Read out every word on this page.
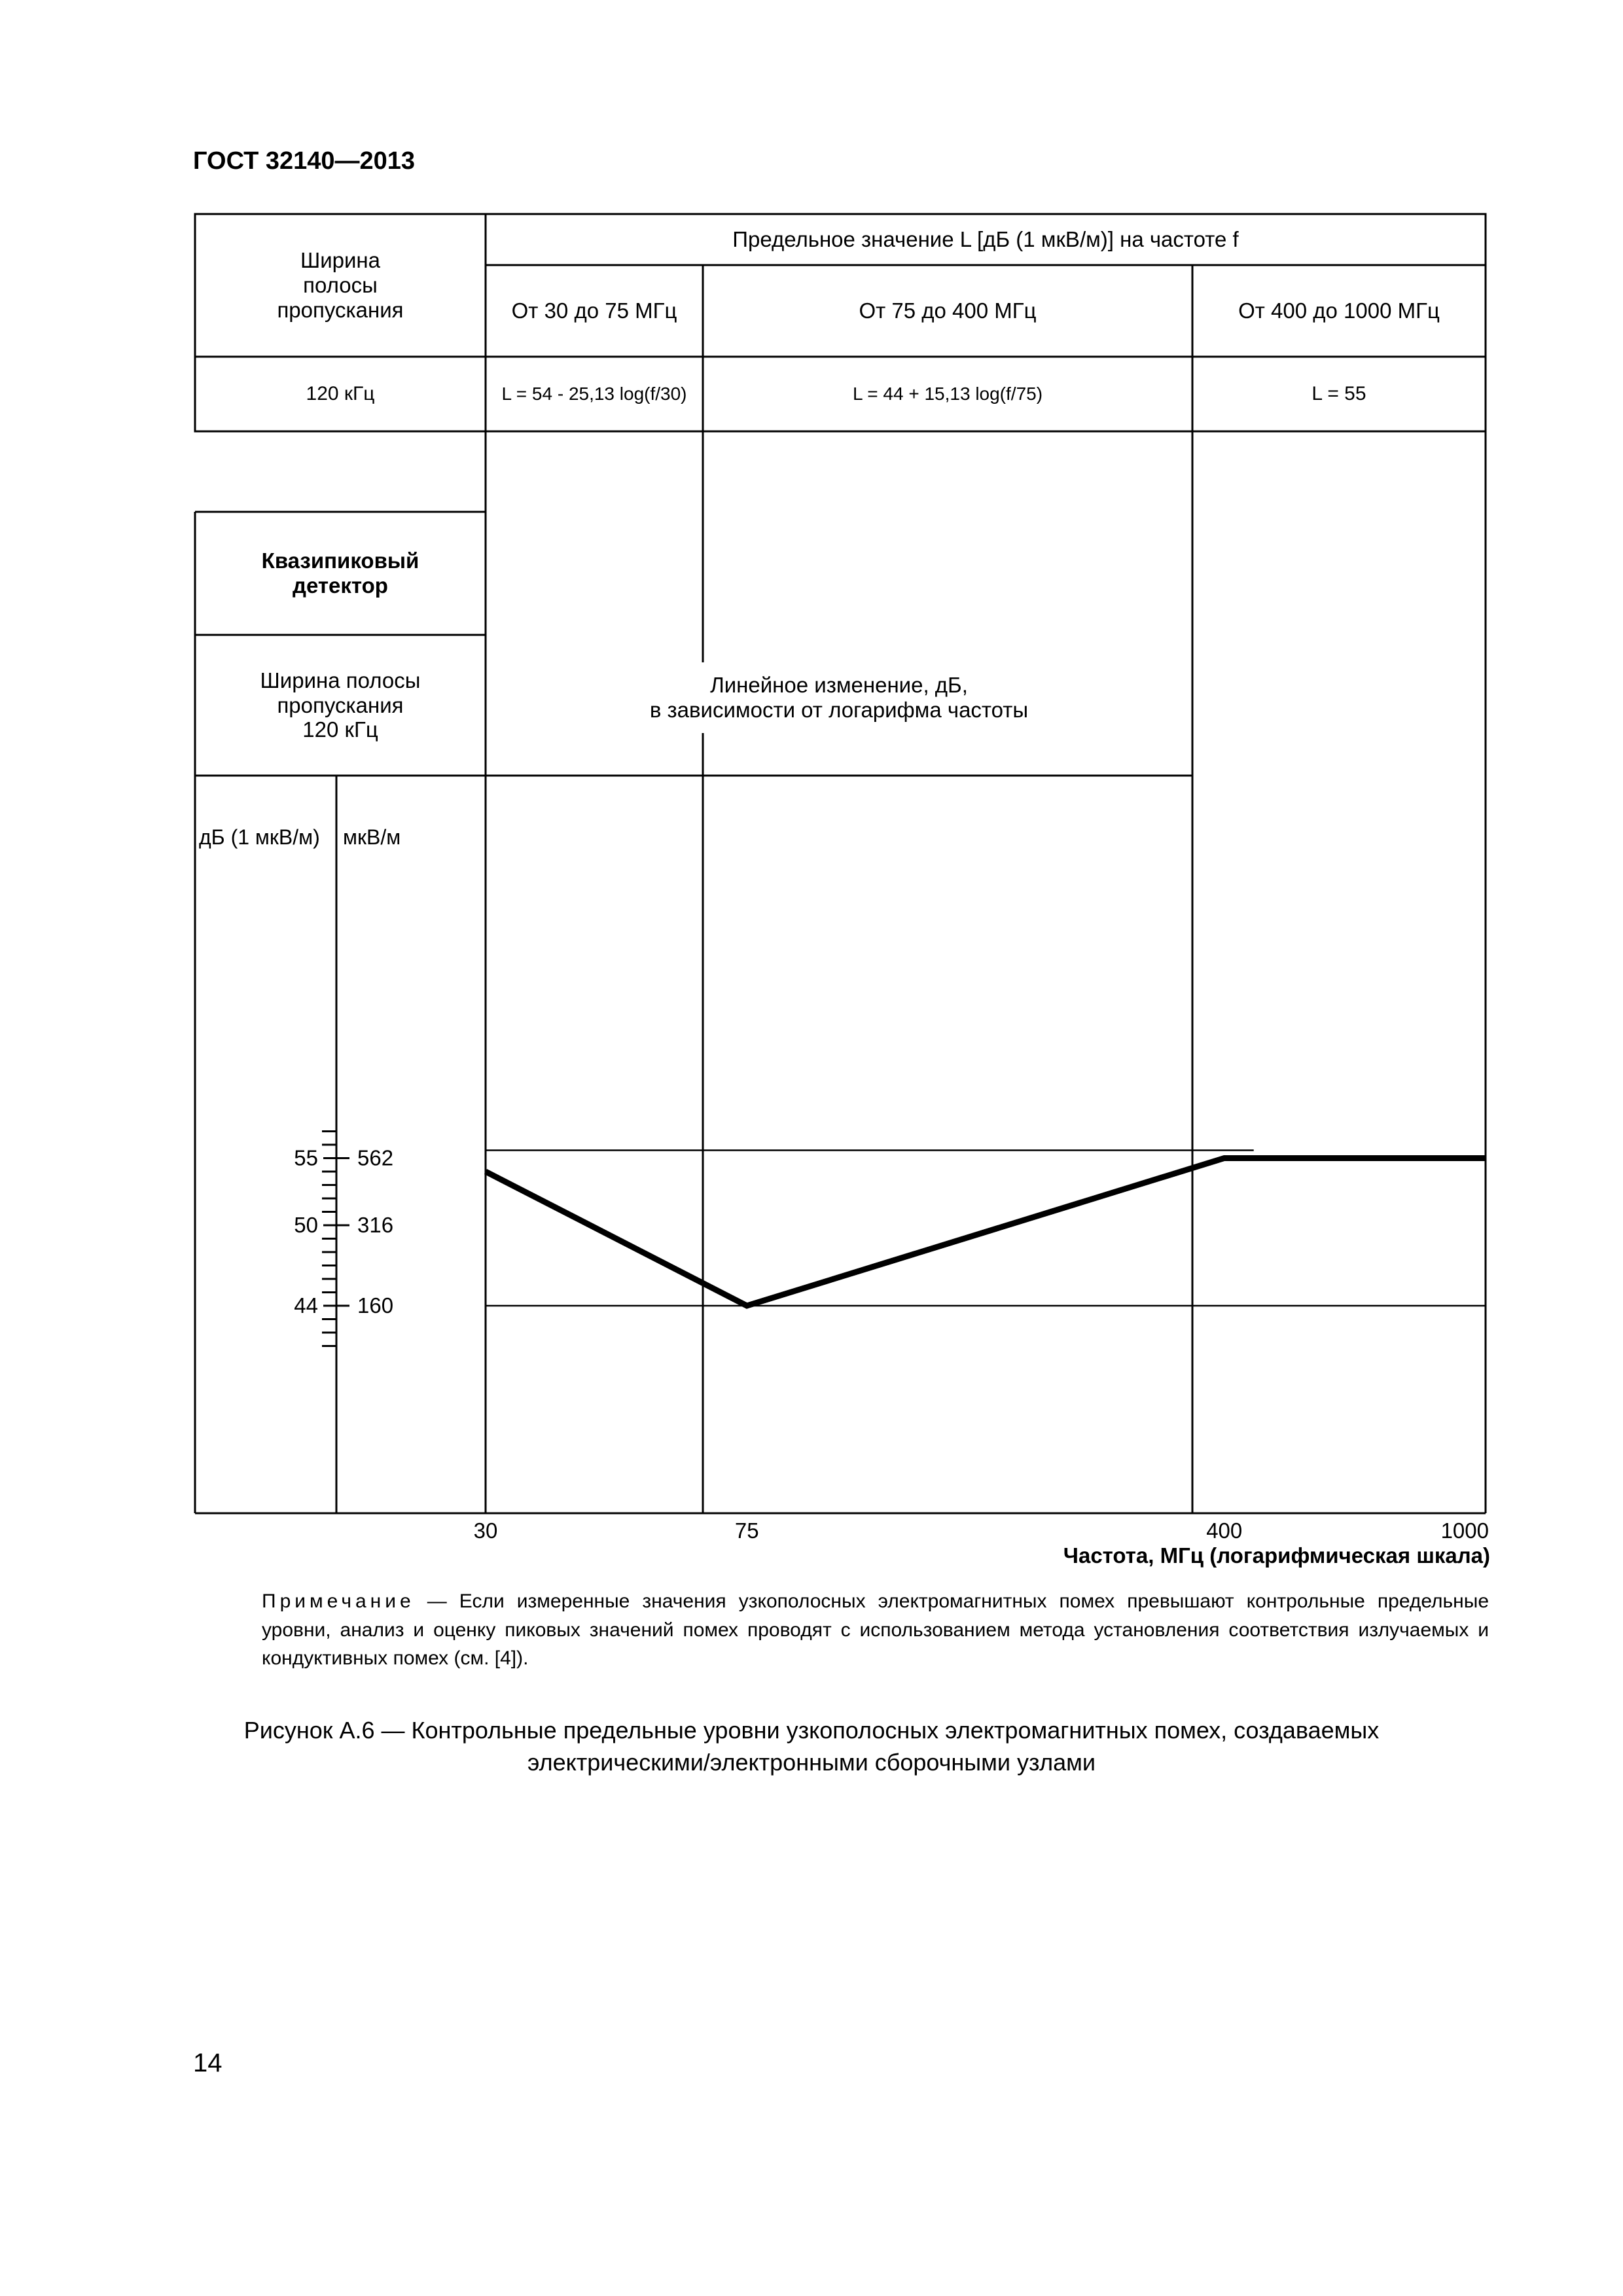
ГОСТ 32140—2013
Ширина
полосы
пропускания
Предельное значение L [дБ (1 мкВ/м)] на частоте f
От 30 до 75 МГц	От 75 до 400 МГц	От 400 до 1000 МГц
120 кГц	L = 54 - 25,13 log(f/30)	L = 44 + 15,13 log(f/75)	L = 55
Квазипиковый
детектор
Ширина полосы
пропускания
120 кГц
дБ (1 мкВ/м) мкВ/м
Линейное изменение, дБ,
в зависимости от логарифма частоты
55 562
50 316
44 160
30	75	400	1000
Частота, МГц (логарифмическая шкала)
Примечание — Если измеренные значения узкополосных электромагнитных помех превышают контрольные предельные уровни, анализ и оценку пиковых значений помех проводят с использованием метода установления соответствия излучаемых и кондуктивных помех (см. [4]).
Рисунок А.6 — Контрольные предельные уровни узкополосных электромагнитных помех, создаваемых электрическими/электронными сборочными узлами
14
